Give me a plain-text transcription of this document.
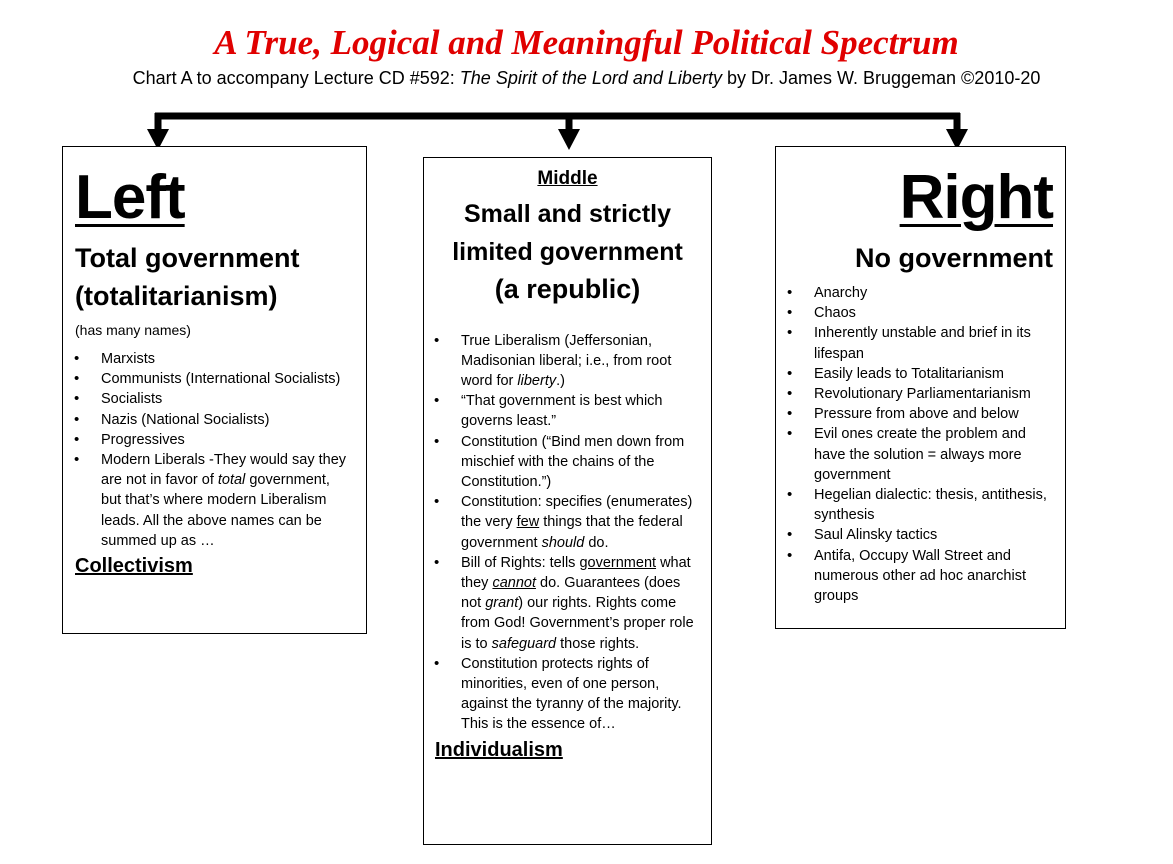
A True, Logical and Meaningful Political Spectrum
Chart A to accompany Lecture CD #592: The Spirit of the Lord and Liberty by Dr. James W. Bruggeman ©2010-20
Left
Total government
(totalitarianism)
(has many names)
• Marxists
• Communists (International Socialists)
• Socialists
• Nazis (National Socialists)
• Progressives
• Modern Liberals -They would say they are not in favor of total government, but that’s where modern Liberalism leads. All the above names can be summed up as …
Collectivism
Middle
Small and strictly
limited government
(a republic)
• True Liberalism (Jeffersonian, Madisonian liberal; i.e., from root word for liberty.)
• “That government is best which governs least.”
• Constitution (“Bind men down from mischief with the chains of the Constitution.”)
• Constitution: specifies (enumerates) the very few things that the federal government should do.
• Bill of Rights: tells government what they cannot do. Guarantees (does not grant) our rights. Rights come from God! Government’s proper role is to safeguard those rights.
• Constitution protects rights of minorities, even of one person, against the tyranny of the majority. This is the essence of…
Individualism
Right
No government
• Anarchy
• Chaos
• Inherently unstable and brief in its lifespan
• Easily leads to Totalitarianism
• Revolutionary Parliamentarianism
• Pressure from above and below
• Evil ones create the problem and have the solution = always more government
• Hegelian dialectic: thesis, antithesis, synthesis
• Saul Alinsky tactics
• Antifa, Occupy Wall Street and numerous other ad hoc anarchist groups
